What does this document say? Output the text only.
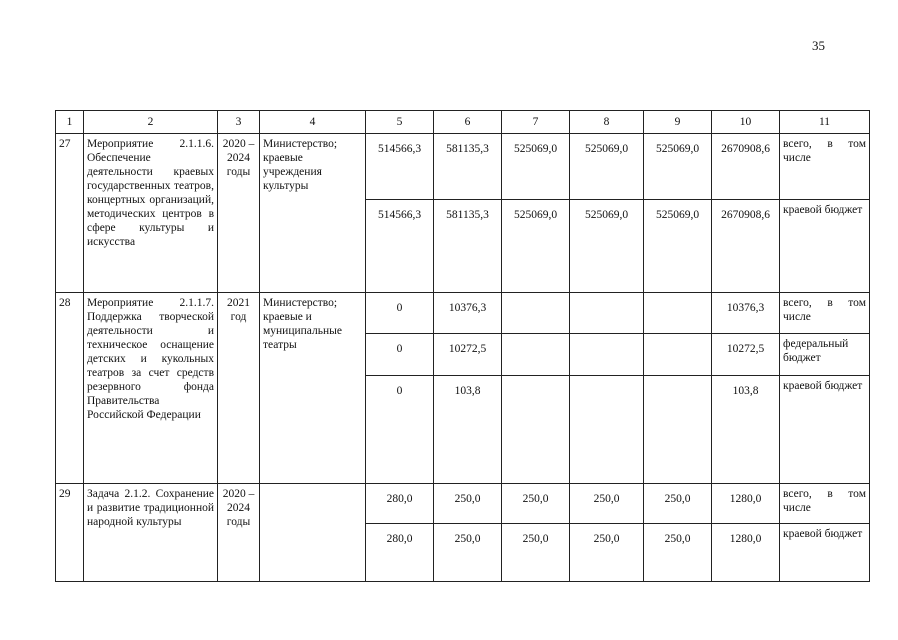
35
1	2	3	4	5	6	7	8	9	10	11
27	Мероприятие 2.1.1.6. Обеспечение деятельности краевых государственных театров, концертных организаций, методических центров в сфере культуры и искусства	2020 – 2024 годы	Министерство; краевые учреждения культуры	514566,3	581135,3	525069,0	525069,0	525069,0	2670908,6	всего, в том числе
				514566,3	581135,3	525069,0	525069,0	525069,0	2670908,6	краевой бюджет
28	Мероприятие 2.1.1.7. Поддержка творческой деятельности и техническое оснащение детских и кукольных театров за счет средств резервного фонда Правительства Российской Федерации	2021 год	Министерство; краевые и муниципальные театры	0	10376,3				10376,3	всего, в том числе
				0	10272,5				10272,5	федеральный бюджет
				0	103,8				103,8	краевой бюджет
29	Задача 2.1.2. Сохранение и развитие традиционной народной культуры	2020 – 2024 годы		280,0	250,0	250,0	250,0	250,0	1280,0	всего, в том числе
				280,0	250,0	250,0	250,0	250,0	1280,0	краевой бюджет
